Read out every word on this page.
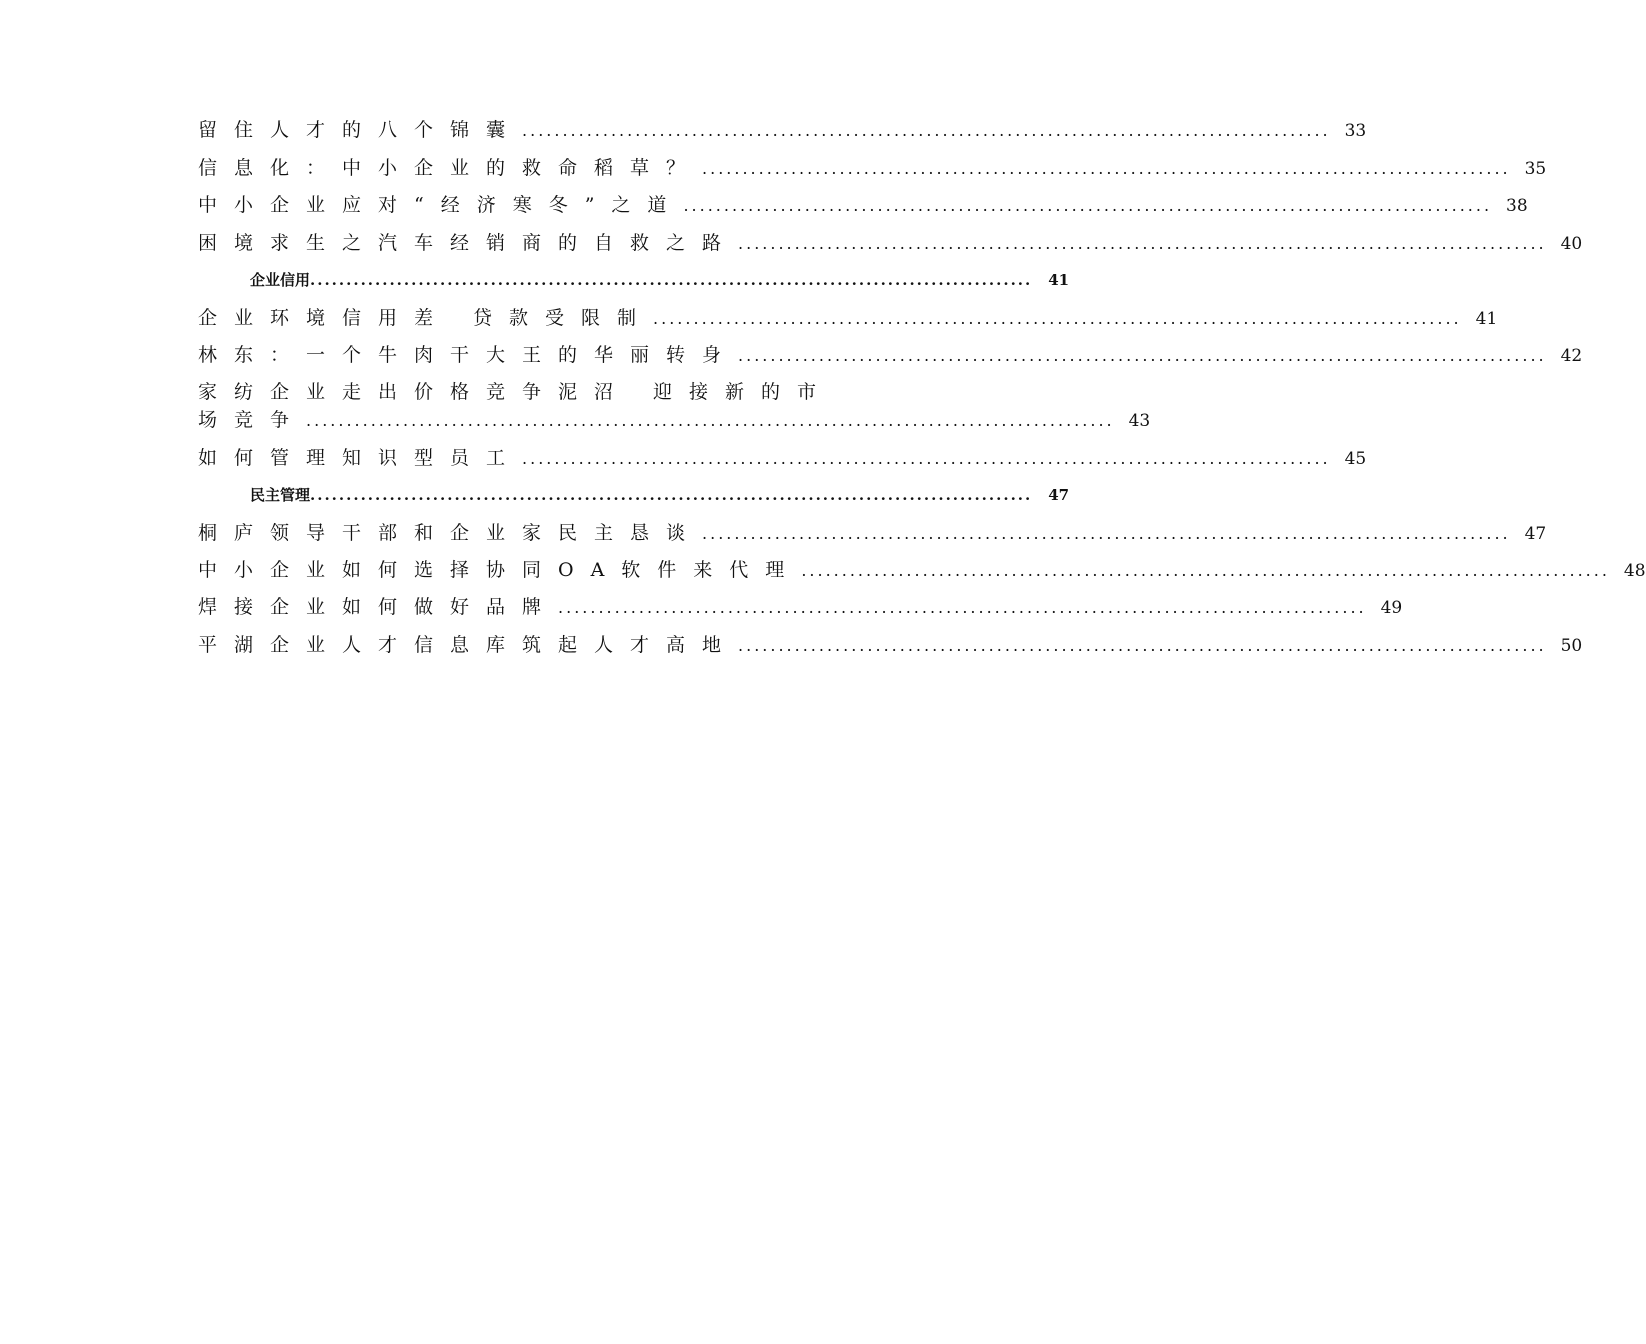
留住人才的八个锦囊 .................................................................................................... 33
信息化：中小企业的救命稻草？ .................................................................................................... 35
中小企业应对“经济寒冬”之道 .................................................................................................... 38
困境求生之汽车经销商的自救之路 .................................................................................................... 40
企业信用 .................................................................................................... 41
企业环境信用差 贷款受限制 .................................................................................................... 41
林东：一个牛肉干大王的华丽转身 .................................................................................................... 42
家纺企业走出价格竞争泥沼 迎接新的市
场竞争 .................................................................................................... 43
如何管理知识型员工 .................................................................................................... 45
民主管理 .................................................................................................... 47
桐庐领导干部和企业家民主恳谈 .................................................................................................... 47
中小企业如何选择协同OA软件来代理 .................................................................................................... 48
焊接企业如何做好品牌 .................................................................................................... 49
平湖企业人才信息库筑起人才高地 .................................................................................................... 50
